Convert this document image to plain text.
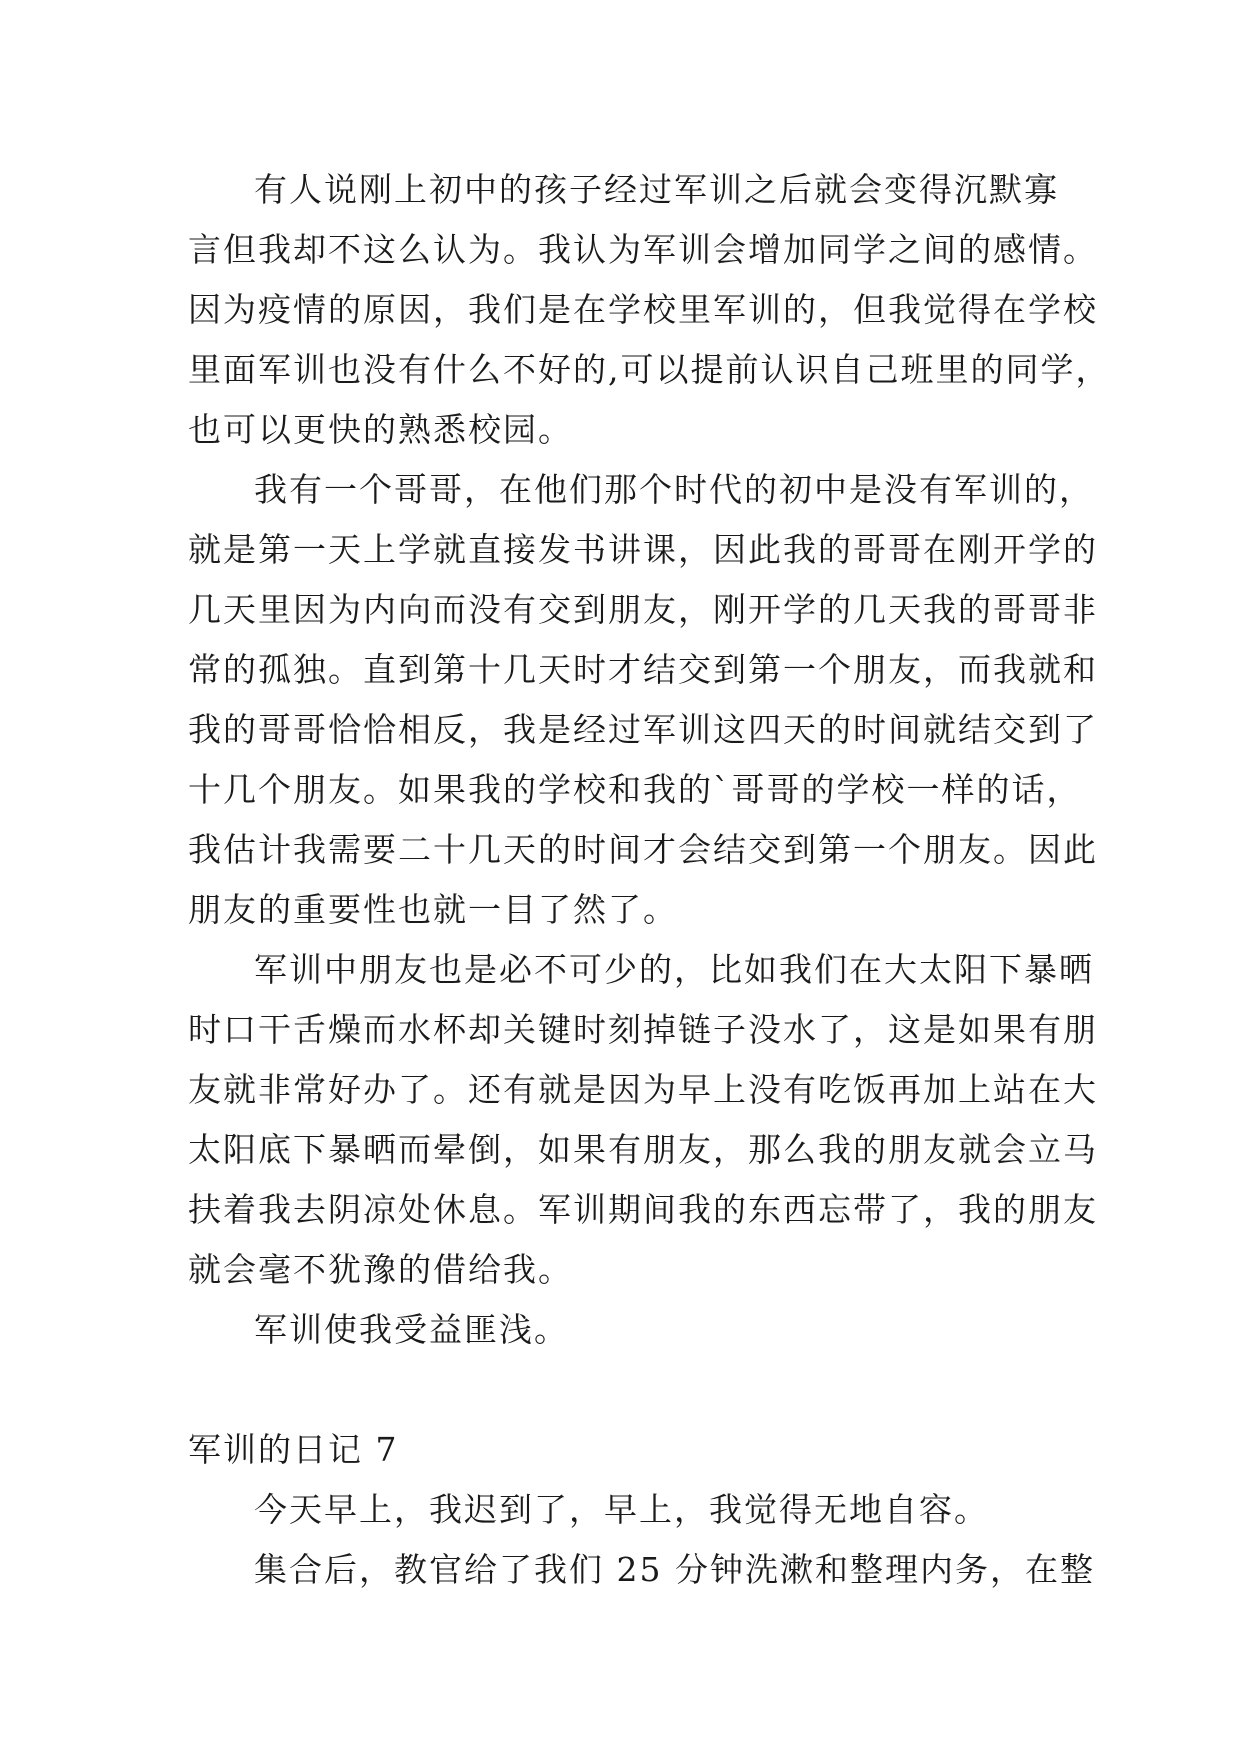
有人说刚上初中的孩子经过军训之后就会变得沉默寡
言但我却不这么认为。我认为军训会增加同学之间的感情。
因为疫情的原因，我们是在学校里军训的，但我觉得在学校
里面军训也没有什么不好的,可以提前认识自己班里的同学，
也可以更快的熟悉校园。
我有一个哥哥，在他们那个时代的初中是没有军训的，
就是第一天上学就直接发书讲课，因此我的哥哥在刚开学的
几天里因为内向而没有交到朋友，刚开学的几天我的哥哥非
常的孤独。直到第十几天时才结交到第一个朋友，而我就和
我的哥哥恰恰相反，我是经过军训这四天的时间就结交到了
十几个朋友。如果我的学校和我的`哥哥的学校一样的话，
我估计我需要二十几天的时间才会结交到第一个朋友。因此
朋友的重要性也就一目了然了。
军训中朋友也是必不可少的，比如我们在大太阳下暴晒
时口干舌燥而水杯却关键时刻掉链子没水了，这是如果有朋
友就非常好办了。还有就是因为早上没有吃饭再加上站在大
太阳底下暴晒而晕倒，如果有朋友，那么我的朋友就会立马
扶着我去阴凉处休息。军训期间我的东西忘带了，我的朋友
就会毫不犹豫的借给我。
军训使我受益匪浅。
军训的日记 7
今天早上，我迟到了，早上，我觉得无地自容。
集合后，教官给了我们 25 分钟洗漱和整理内务，在整
